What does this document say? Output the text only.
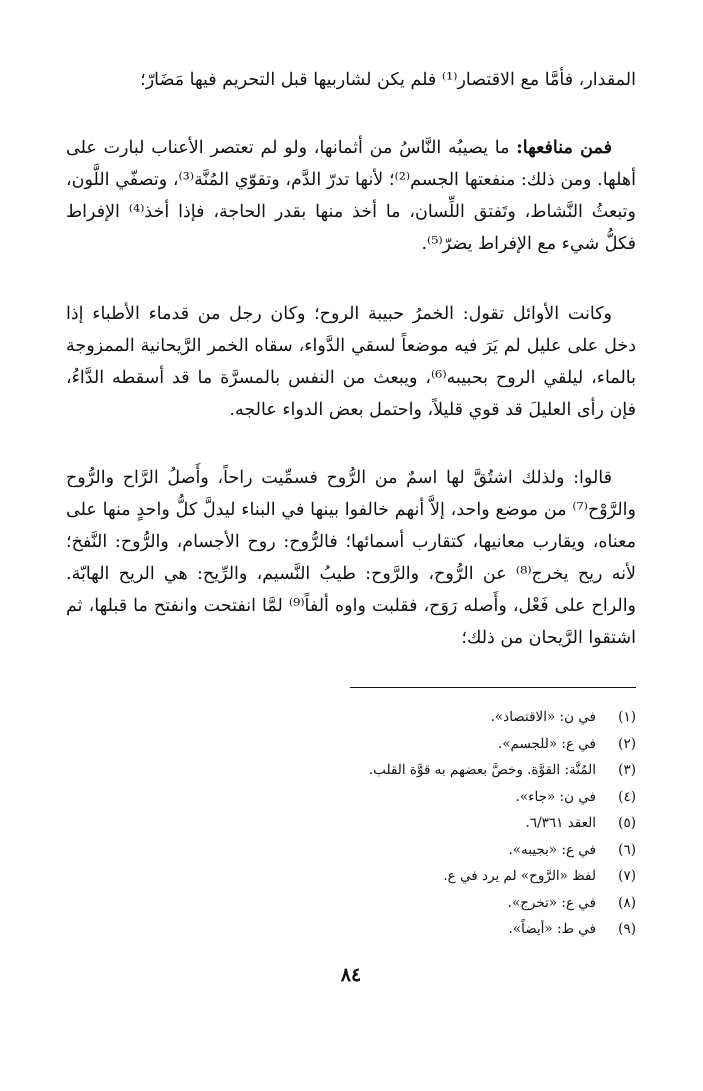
المقدار، فأمَّا مع الاقتصار⁽¹⁾ فلم يكن لشاربيها قبل التحريم فيها مَضَارّ؛

فمن منافعها: ما يصيبُه النَّاسُ من أثمانها، ولو لم تعتصر الأعناب لبارت على أهلها. ومن ذلك: منفعتها الجسم⁽²⁾؛ لأنها تدرّ الدَّم، وتقوّي المُنَّة⁽³⁾، وتصفّي اللَّون، وتبعثُ النَّشاط، وتَفتق اللِّسان، ما أخذ منها بقدر الحاجة، فإذا أخذ⁽⁴⁾ الإفراط فكلُّ شيء مع الإفراط يضرّ⁽⁵⁾.

وكانت الأوائل تقول: الخمرُ حبيبة الروح؛ وكان رجل من قدماء الأطباء إذا دخل على عليل لم يَرَ فيه موضعاً لسقي الدَّواء، سقاه الخمر الرَّيحانية الممزوجة بالماء، ليلقي الروح بحبيبه⁽⁶⁾، ويبعث من النفس بالمسرَّة ما قد أسقطه الدَّاءُ، فإن رأى العليلَ قد قوي قليلاً، واحتمل بعض الدواء عالجه.

قالوا: ولذلك اشتُقَّ لها اسمٌ من الرُّوح فسمِّيت راحاً، وأَصلُ الرَّاح والرُّوح والرَّوْح⁽⁷⁾ من موضع واحد، إلاَّ أنهم خالفوا بينها في البناء ليدلَّ كلُّ واحدٍ منها على معناه، ويقارب معانيها، كتقارب أسمائها؛ فالرُّوح: روح الأجسام، والرُّوح: النَّفخ؛ لأنه ريح يخرج⁽⁸⁾ عن الرُّوح، والرَّوح: طيبُ النَّسيم، والرِّيح: هي الريح الهابّة. والراح على فَعْل، وأَصله رَوَح، فقلبت واوه ألفاً⁽⁹⁾ لمَّا انفتحت وانفتح ما قبلها، ثم اشتقوا الرَّيحان من ذلك؛

(١)
في ن: «الاقتصاد».
(٢)
في ع: «للجسم».
(٣)
المُنَّة: القوَّة. وخصَّ بعضهم به قوَّة القلب.
(٤)
في ن: «جاء».
(٥)
العقد ٦/٣٦١.
(٦)
في ع: «بجيبه».
(٧)
لفظ «الرَّوح» لم يرد في ع.
(٨)
في ع: «تخرج».
(٩)
في ط: «أيضاً».
٨٤
